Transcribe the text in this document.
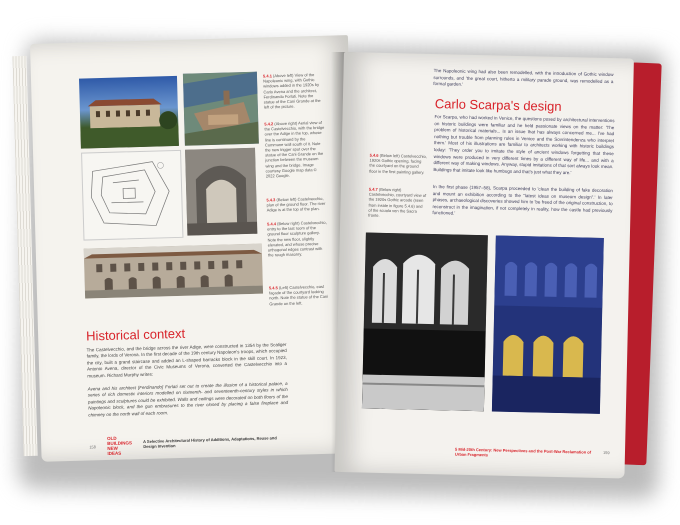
5.4.1 (Above left) View of the Napoleonic wing, with Gothic windows added in the 1920s by Carlo Avena and the architect, Ferdinando Forlati. Note the statue of the Cani Grande at the left of the picture.
5.4.2 (Above right) Aerial view of the Castelvecchio, with the bridge over the Adige in the top, whose line is continued by the Commune wall south of it. Note the new trigger spot over the statue of the Cani Grande on the junction between the museum wing and the bridge. Image courtesy Google map data © 2022 Google.
5.4.3 (Below left) Castelvecchio, plan of the ground floor. The river Adige is at the top of the plan.
5.4.4 (Below right) Castelvecchio, entry to the last room of the ground floor sculpture gallery. Note the new floor, slightly elevated, and whose precise orthogonal edges contrast with the rough masonry.
5.4.5 (Left) Castelvecchio, east façade of the courtyard looking north. Note the statue of the Cani Grande on the left.
Historical context
The Castelvecchio, and the bridge across the river Adige, were constructed in 1354 by the Scaliger family, the lords of Verona. In the first decade of the 19th century Napoleon's troops, which occupied the city, built a grand staircase and added an L-shaped barracks block in the skill court. In 1923, Antonio Avena, director of the Civic Museums of Verona, converted the Castelvecchio into a museum. Richard Murphy writes:
Avena and his architect [Ferdinando] Forlati set out to create the illusion of a historical palace, a series of rich domestic interiors modelled on sixteenth- and seventeenth-century styles in which paintings and sculptures could be exhibited. Walls and ceilings were decorated on both floors of the Napoleonic block, and the gun embrasures to the river closed by placing a false fireplace and chimney on the north wall of each room.
158
OLD
BUILDINGS
NEW
IDEAS
A Selective Architectural History of Additions, Adaptations, Reuse and Design Invention
The Napoleonic wing had also been remodelled, with the introduction of Gothic window surrounds, and 'the great court, hitherto a military parade ground, was remodelled as a formal garden.'
Carlo Scarpa's design
For Scarpa, who had worked in Venice, the questions posed by architectural interventions on historic buildings were familiar and he held passionate views on the matter: 'The problem of historical materials... is an issue that has always concerned me... I've had nothing but trouble from planning rules in Venice and the Sovrintendenza who interpret them.' Most of his illustrations are familiar to architects working with historic buildings today: 'They order you to imitate the style of ancient windows forgetting that these windows were produced in very different times by a different way of life... and with a different way of making windows. Anyway, stupid imitations of that sort always look mean. Buildings that imitate look like humbugs and that's just what they are.'
In the first phase (1957–58), Scarpa proceeded to 'clean the building of fake decoration and mount an exhibition according to the "latest ideas on museum design".' In later phases, archaeological discoveries showed him to 'be freed of the original construction, to reconstruct in the imagination, if not completely in reality, how the castle had previously functioned.'
5.4.6 (Below left) Castelvecchio, 1920s Gothic opening, facing the courtyard on the ground floor in the first painting gallery.
5.4.7 (Below right) Castelvecchio, courtyard view of the 1920s Gothic arcade (seen from inside in figure 5.4.6) and of the scuola ven the Sacra fronte.
5 Mid-20th Century: New Perspectives and the Post-War Reclamation of Urban Fragments	159
